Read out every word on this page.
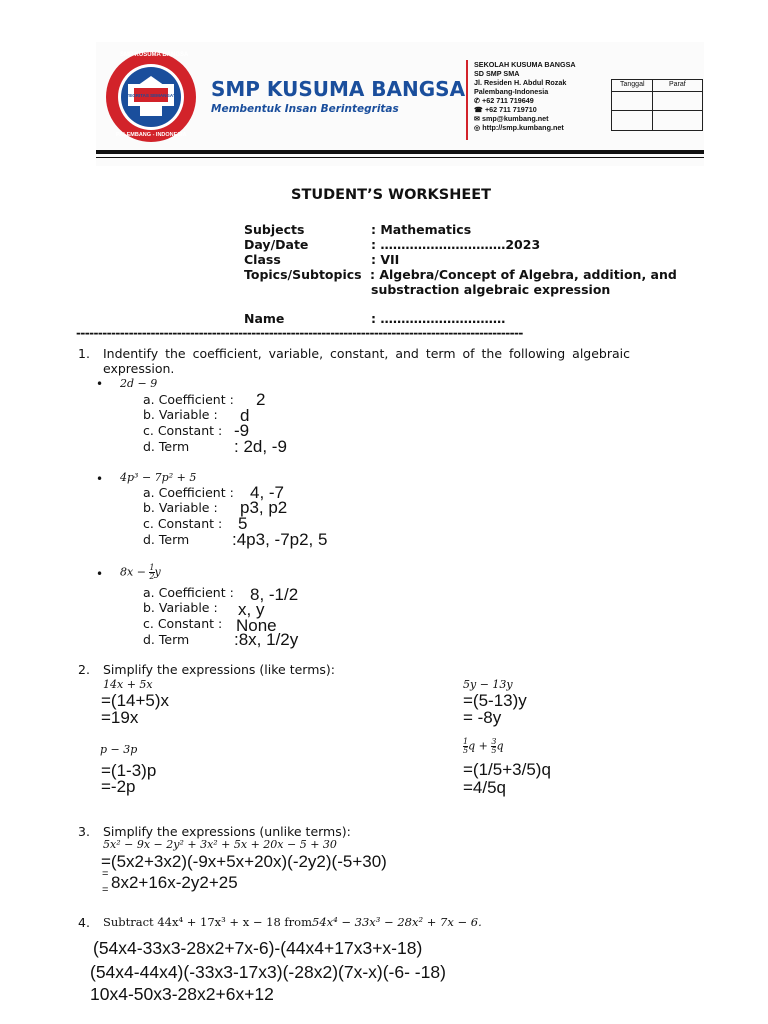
SMP KUSUMA BANGSA
PALEMBANG - INDONESIA
INTEGRITAS SEMANGAT SMP KUSUMA BANGSA
Membentuk Insan Berintegritas
SEKOLAH KUSUMA BANGSA
SD SMP SMA
Jl. Residen H. Abdul Rozak
Palembang-Indonesia
✆ +62 711 719649
☎ +62 711 719710
✉ smp@kumbang.net
◎ http://smp.kumbang.net
Tanggal	Paraf
STUDENT’S WORKSHEET
Subjects	: Mathematics
Day/Date	: …………………………2023
Class	: VII
Topics/Subtopics : Algebra/Concept of Algebra, addition, and
substraction algebraic expression
Name	: …………………………
------------------------------------------------------------------------------------------------------
1. Indentify the coefficient, variable, constant, and term of the following algebraic
expression.
• 2d − 9
a. Coefficient : 2
b. Variable : d
c. Constant : -9
d. Term	: 2d, -9
• 4p³ − 7p² + 5
a. Coefficient : 4, -7
b. Variable : p3, p2
c. Constant : 5
d. Term	:4p3, -7p2, 5
• $8x - \frac{1}{2}$ y
a. Coefficient : 8, -1/2
b. Variable : x, y
c. Constant : None
d. Term	:8x, 1/2y
2. Simplify the expressions (like terms):
14x + 5x
=(14+5)x
=19x
5y − 13y
=(5-13)y
= -8y
p − 3p
=(1-3)p
=-2p
$\frac{1}{5}$ $q + \frac{3}{5}$ q
=(1/5+3/5)q
=4/5q
3. Simplify the expressions (unlike terms):
5x² − 9x − 2y² + 3x² + 5x + 20x − 5 + 30
=(5x2+3x2)(-9x+5x+20x)(-2y2)(-5+30)
= 8x2+16x-2y2+25
=
4. Subtract 44x⁴ + 17x³ + x − 18 from54x⁴ − 33x³ − 28x² + 7x − 6.
(54x4-33x3-28x2+7x-6)-(44x4+17x3+x-18)
(54x4-44x4)(-33x3-17x3)(-28x2)(7x-x)(-6- -18)
10x4-50x3-28x2+6x+12
